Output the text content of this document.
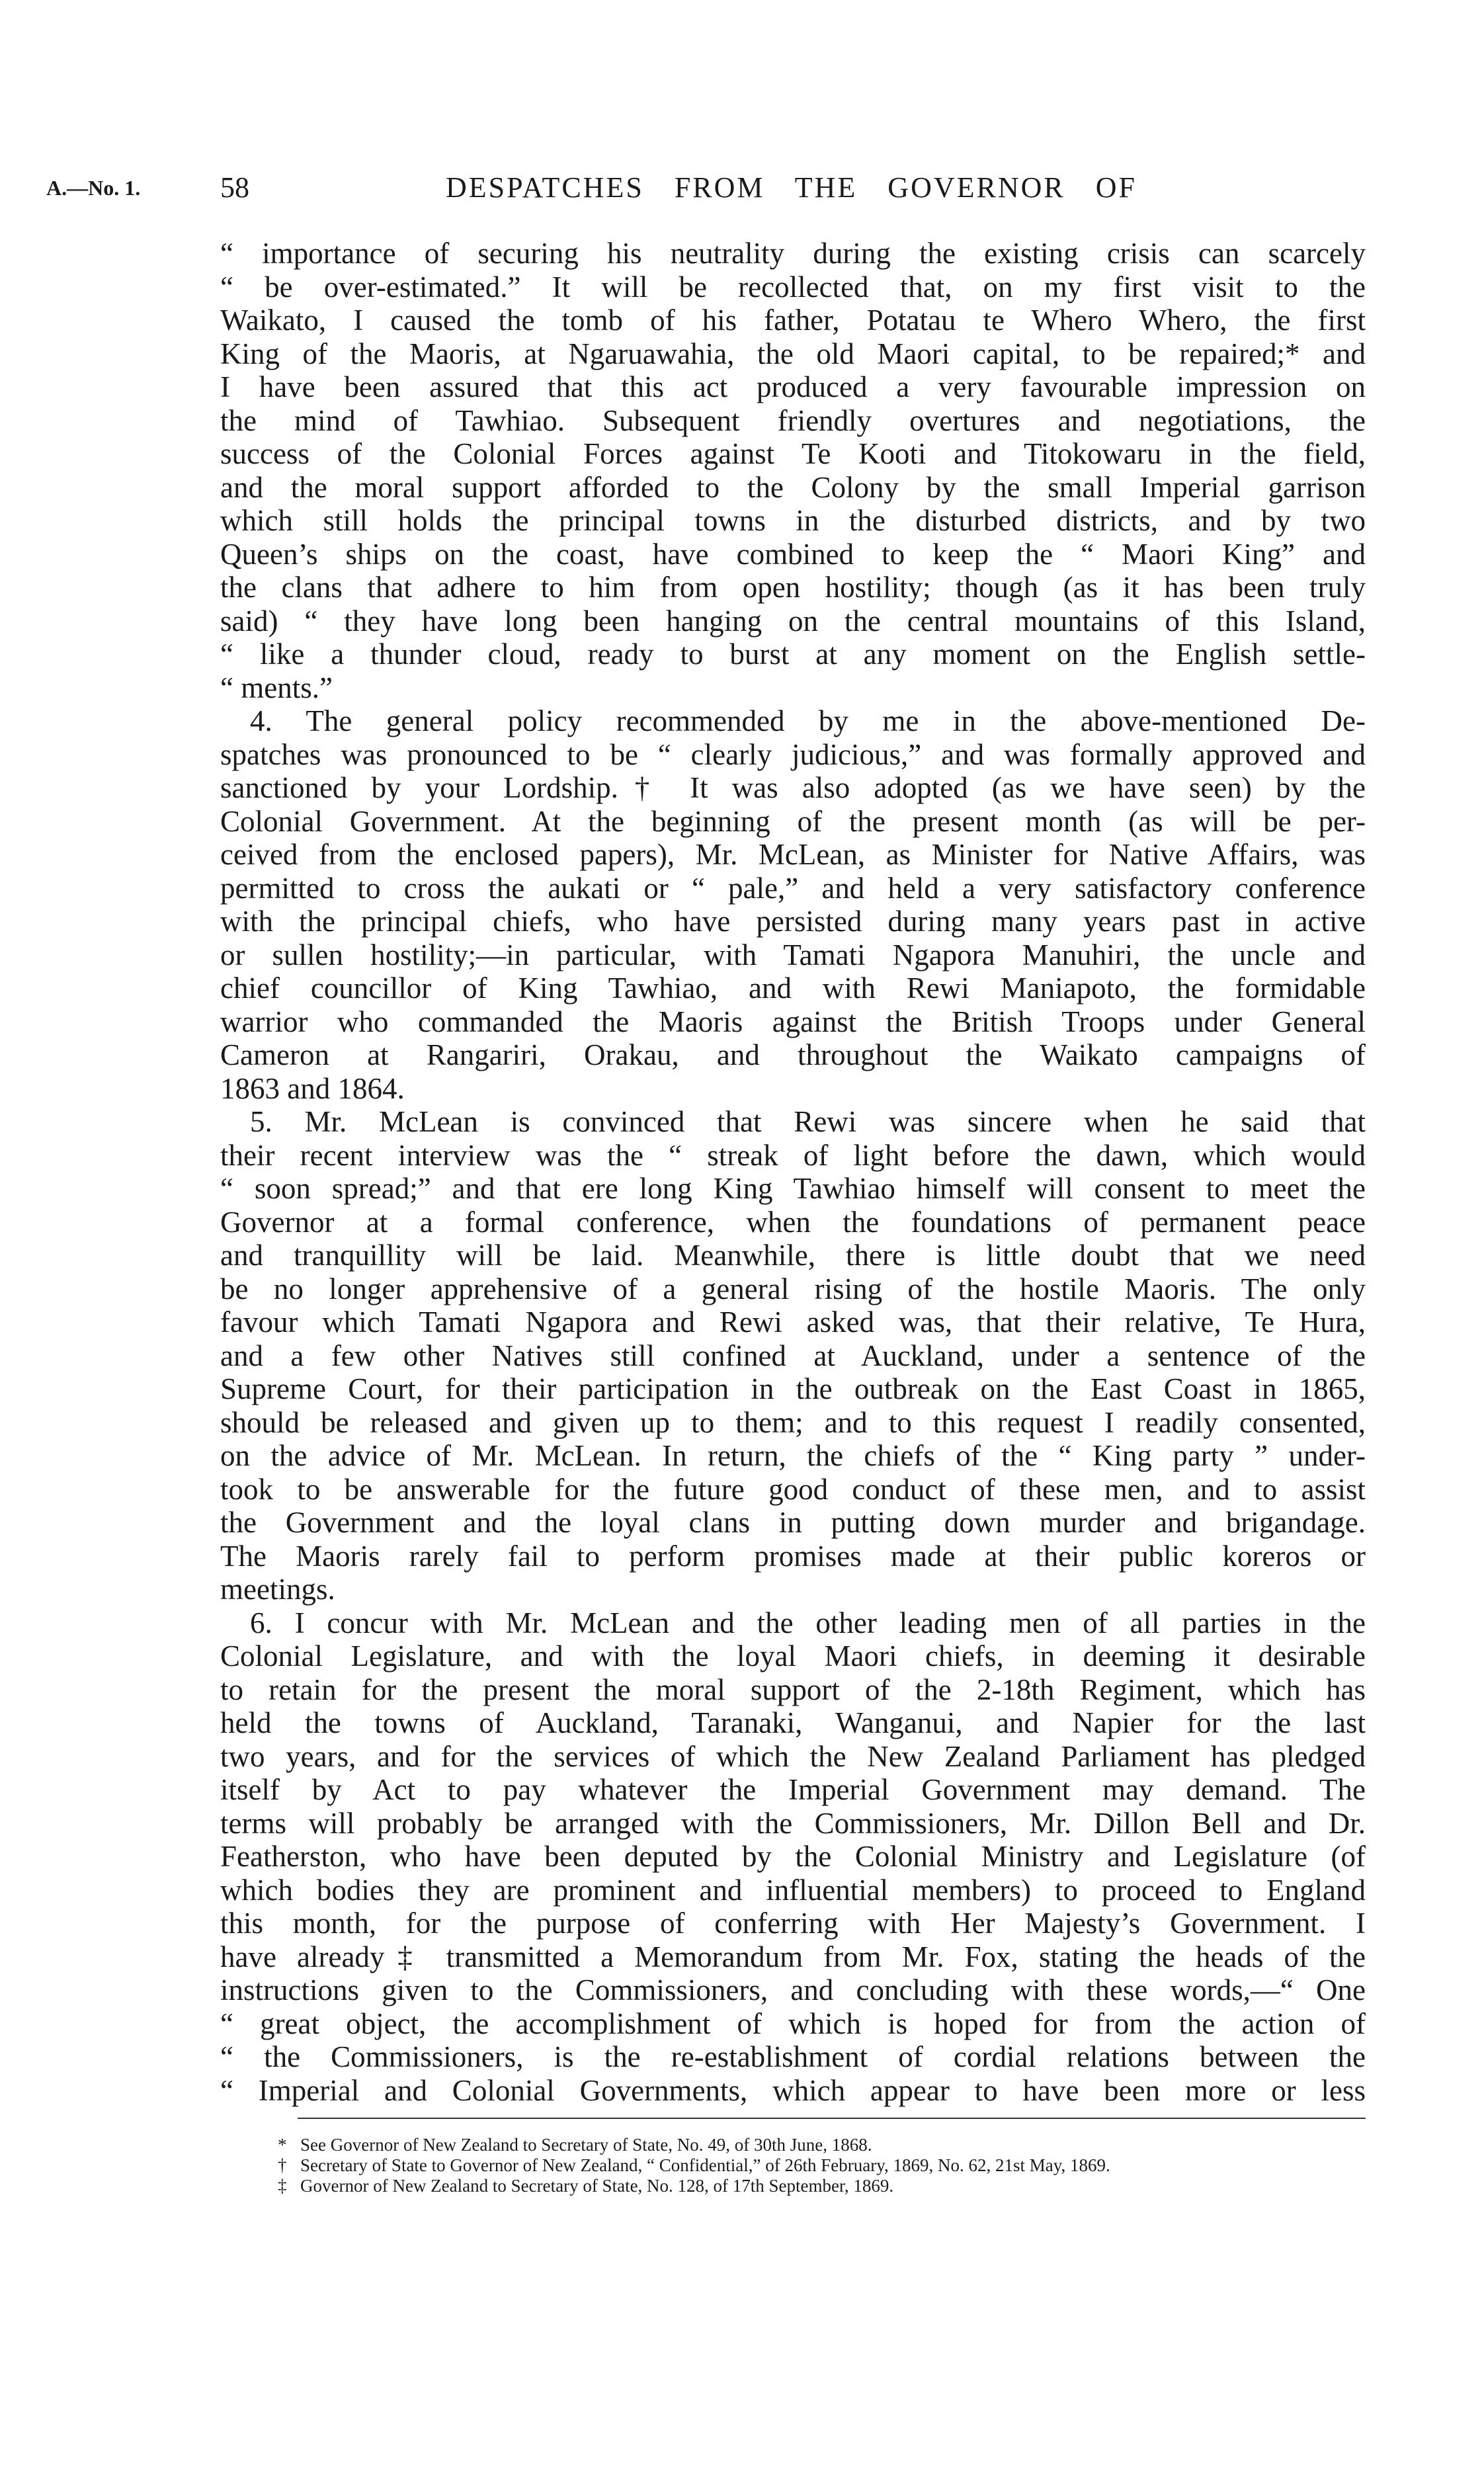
A.—No. 1.	58	DESPATCHES FROM THE GOVERNOR OF
“ importance of securing his neutrality during the existing crisis can scarcely
“ be over-estimated.” It will be recollected that, on my first visit to the
Waikato, I caused the tomb of his father, Potatau te Whero Whero, the first
King of the Maoris, at Ngaruawahia, the old Maori capital, to be repaired;* and
I have been assured that this act produced a very favourable impression on
the mind of Tawhiao. Subsequent friendly overtures and negotiations, the
success of the Colonial Forces against Te Kooti and Titokowaru in the field,
and the moral support afforded to the Colony by the small Imperial garrison
which still holds the principal towns in the disturbed districts, and by two
Queen’s ships on the coast, have combined to keep the “ Maori King” and
the clans that adhere to him from open hostility; though (as it has been truly
said) “ they have long been hanging on the central mountains of this Island,
“ like a thunder cloud, ready to burst at any moment on the English settle-
“ ments.”
4. The general policy recommended by me in the above-mentioned De-
spatches was pronounced to be “ clearly judicious,” and was formally approved and
sanctioned by your Lordship.† It was also adopted (as we have seen) by the
Colonial Government. At the beginning of the present month (as will be per-
ceived from the enclosed papers), Mr. McLean, as Minister for Native Affairs, was
permitted to cross the aukati or “ pale,” and held a very satisfactory conference
with the principal chiefs, who have persisted during many years past in active
or sullen hostility;—in particular, with Tamati Ngapora Manuhiri, the uncle and
chief councillor of King Tawhiao, and with Rewi Maniapoto, the formidable
warrior who commanded the Maoris against the British Troops under General
Cameron at Rangariri, Orakau, and throughout the Waikato campaigns of
1863 and 1864.
5. Mr. McLean is convinced that Rewi was sincere when he said that
their recent interview was the “ streak of light before the dawn, which would
“ soon spread;” and that ere long King Tawhiao himself will consent to meet the
Governor at a formal conference, when the foundations of permanent peace
and tranquillity will be laid. Meanwhile, there is little doubt that we need
be no longer apprehensive of a general rising of the hostile Maoris. The only
favour which Tamati Ngapora and Rewi asked was, that their relative, Te Hura,
and a few other Natives still confined at Auckland, under a sentence of the
Supreme Court, for their participation in the outbreak on the East Coast in 1865,
should be released and given up to them; and to this request I readily consented,
on the advice of Mr. McLean. In return, the chiefs of the “ King party ” under-
took to be answerable for the future good conduct of these men, and to assist
the Government and the loyal clans in putting down murder and brigandage.
The Maoris rarely fail to perform promises made at their public koreros or
meetings.
6. I concur with Mr. McLean and the other leading men of all parties in the
Colonial Legislature, and with the loyal Maori chiefs, in deeming it desirable
to retain for the present the moral support of the 2-18th Regiment, which has
held the towns of Auckland, Taranaki, Wanganui, and Napier for the last
two years, and for the services of which the New Zealand Parliament has pledged
itself by Act to pay whatever the Imperial Government may demand. The
terms will probably be arranged with the Commissioners, Mr. Dillon Bell and Dr.
Featherston, who have been deputed by the Colonial Ministry and Legislature (of
which bodies they are prominent and influential members) to proceed to England
this month, for the purpose of conferring with Her Majesty’s Government. I
have already‡ transmitted a Memorandum from Mr. Fox, stating the heads of the
instructions given to the Commissioners, and concluding with these words,—“ One
“ great object, the accomplishment of which is hoped for from the action of
“ the Commissioners, is the re-establishment of cordial relations between the
“ Imperial and Colonial Governments, which appear to have been more or less
* See Governor of New Zealand to Secretary of State, No. 49, of 30th June, 1868.
† Secretary of State to Governor of New Zealand, “ Confidential,” of 26th February, 1869, No. 62, 21st May, 1869.
‡ Governor of New Zealand to Secretary of State, No. 128, of 17th September, 1869.
